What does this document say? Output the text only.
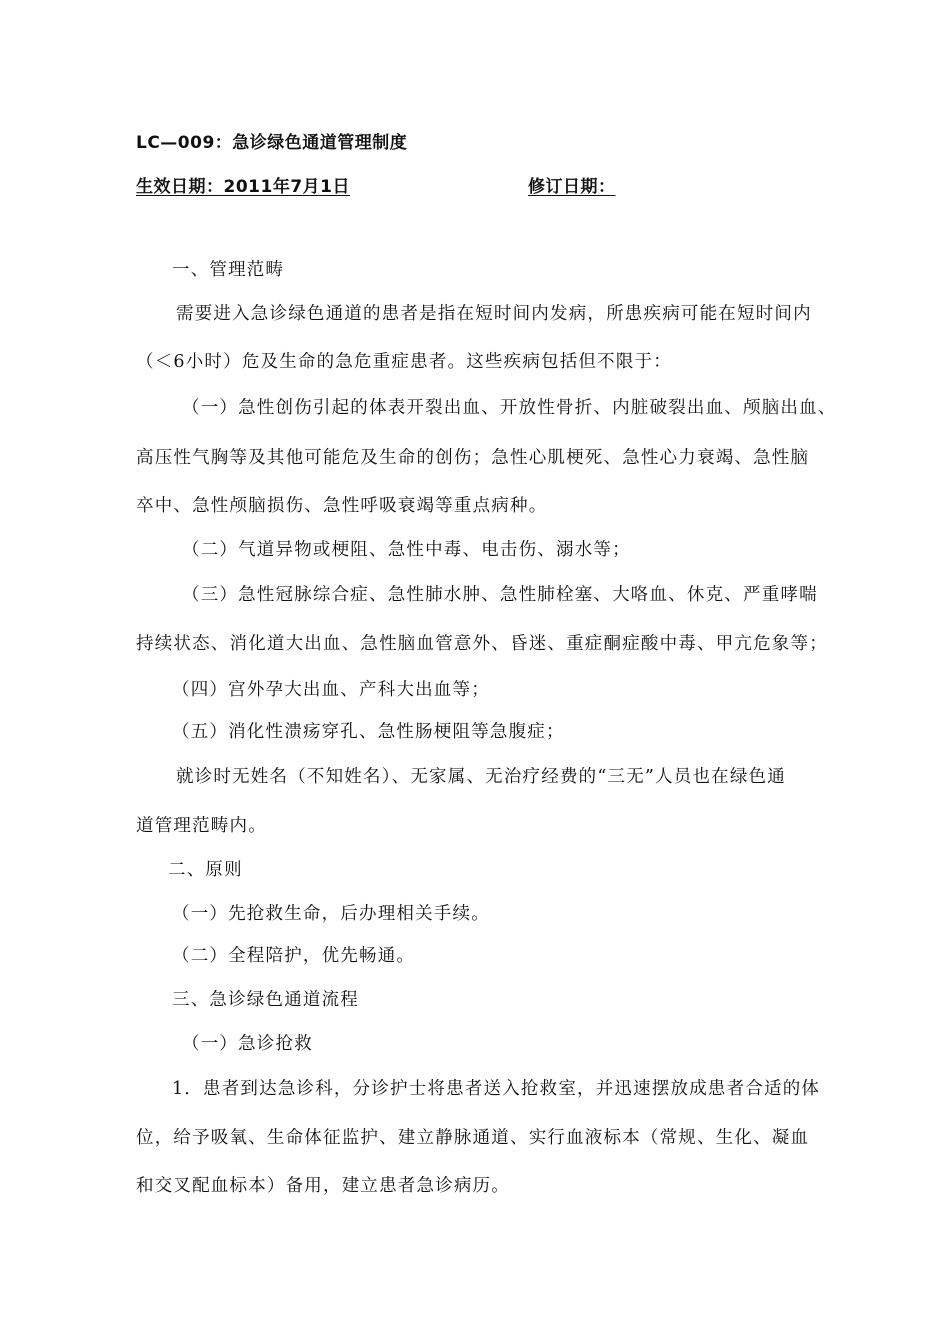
LC—009：急诊绿色通道管理制度
生效日期：2011年7月1日	修订日期：
一、管理范畴
需要进入急诊绿色通道的患者是指在短时间内发病，所患疾病可能在短时间内
（＜6小时）危及生命的急危重症患者。这些疾病包括但不限于：
（一）急性创伤引起的体表开裂出血、开放性骨折、内脏破裂出血、颅脑出血、
高压性气胸等及其他可能危及生命的创伤；急性心肌梗死、急性心力衰竭、急性脑
卒中、急性颅脑损伤、急性呼吸衰竭等重点病种。
（二）气道异物或梗阻、急性中毒、电击伤、溺水等；
（三）急性冠脉综合症、急性肺水肿、急性肺栓塞、大咯血、休克、严重哮喘
持续状态、消化道大出血、急性脑血管意外、昏迷、重症酮症酸中毒、甲亢危象等；
（四）宫外孕大出血、产科大出血等；
（五）消化性溃疡穿孔、急性肠梗阻等急腹症；
就诊时无姓名（不知姓名）、无家属、无治疗经费的“三无”人员也在绿色通
道管理范畴内。
二、原则
（一）先抢救生命，后办理相关手续。
（二）全程陪护，优先畅通。
三、急诊绿色通道流程
（一）急诊抢救
1．患者到达急诊科，分诊护士将患者送入抢救室，并迅速摆放成患者合适的体
位，给予吸氧、生命体征监护、建立静脉通道、实行血液标本（常规、生化、凝血
和交叉配血标本）备用，建立患者急诊病历。
